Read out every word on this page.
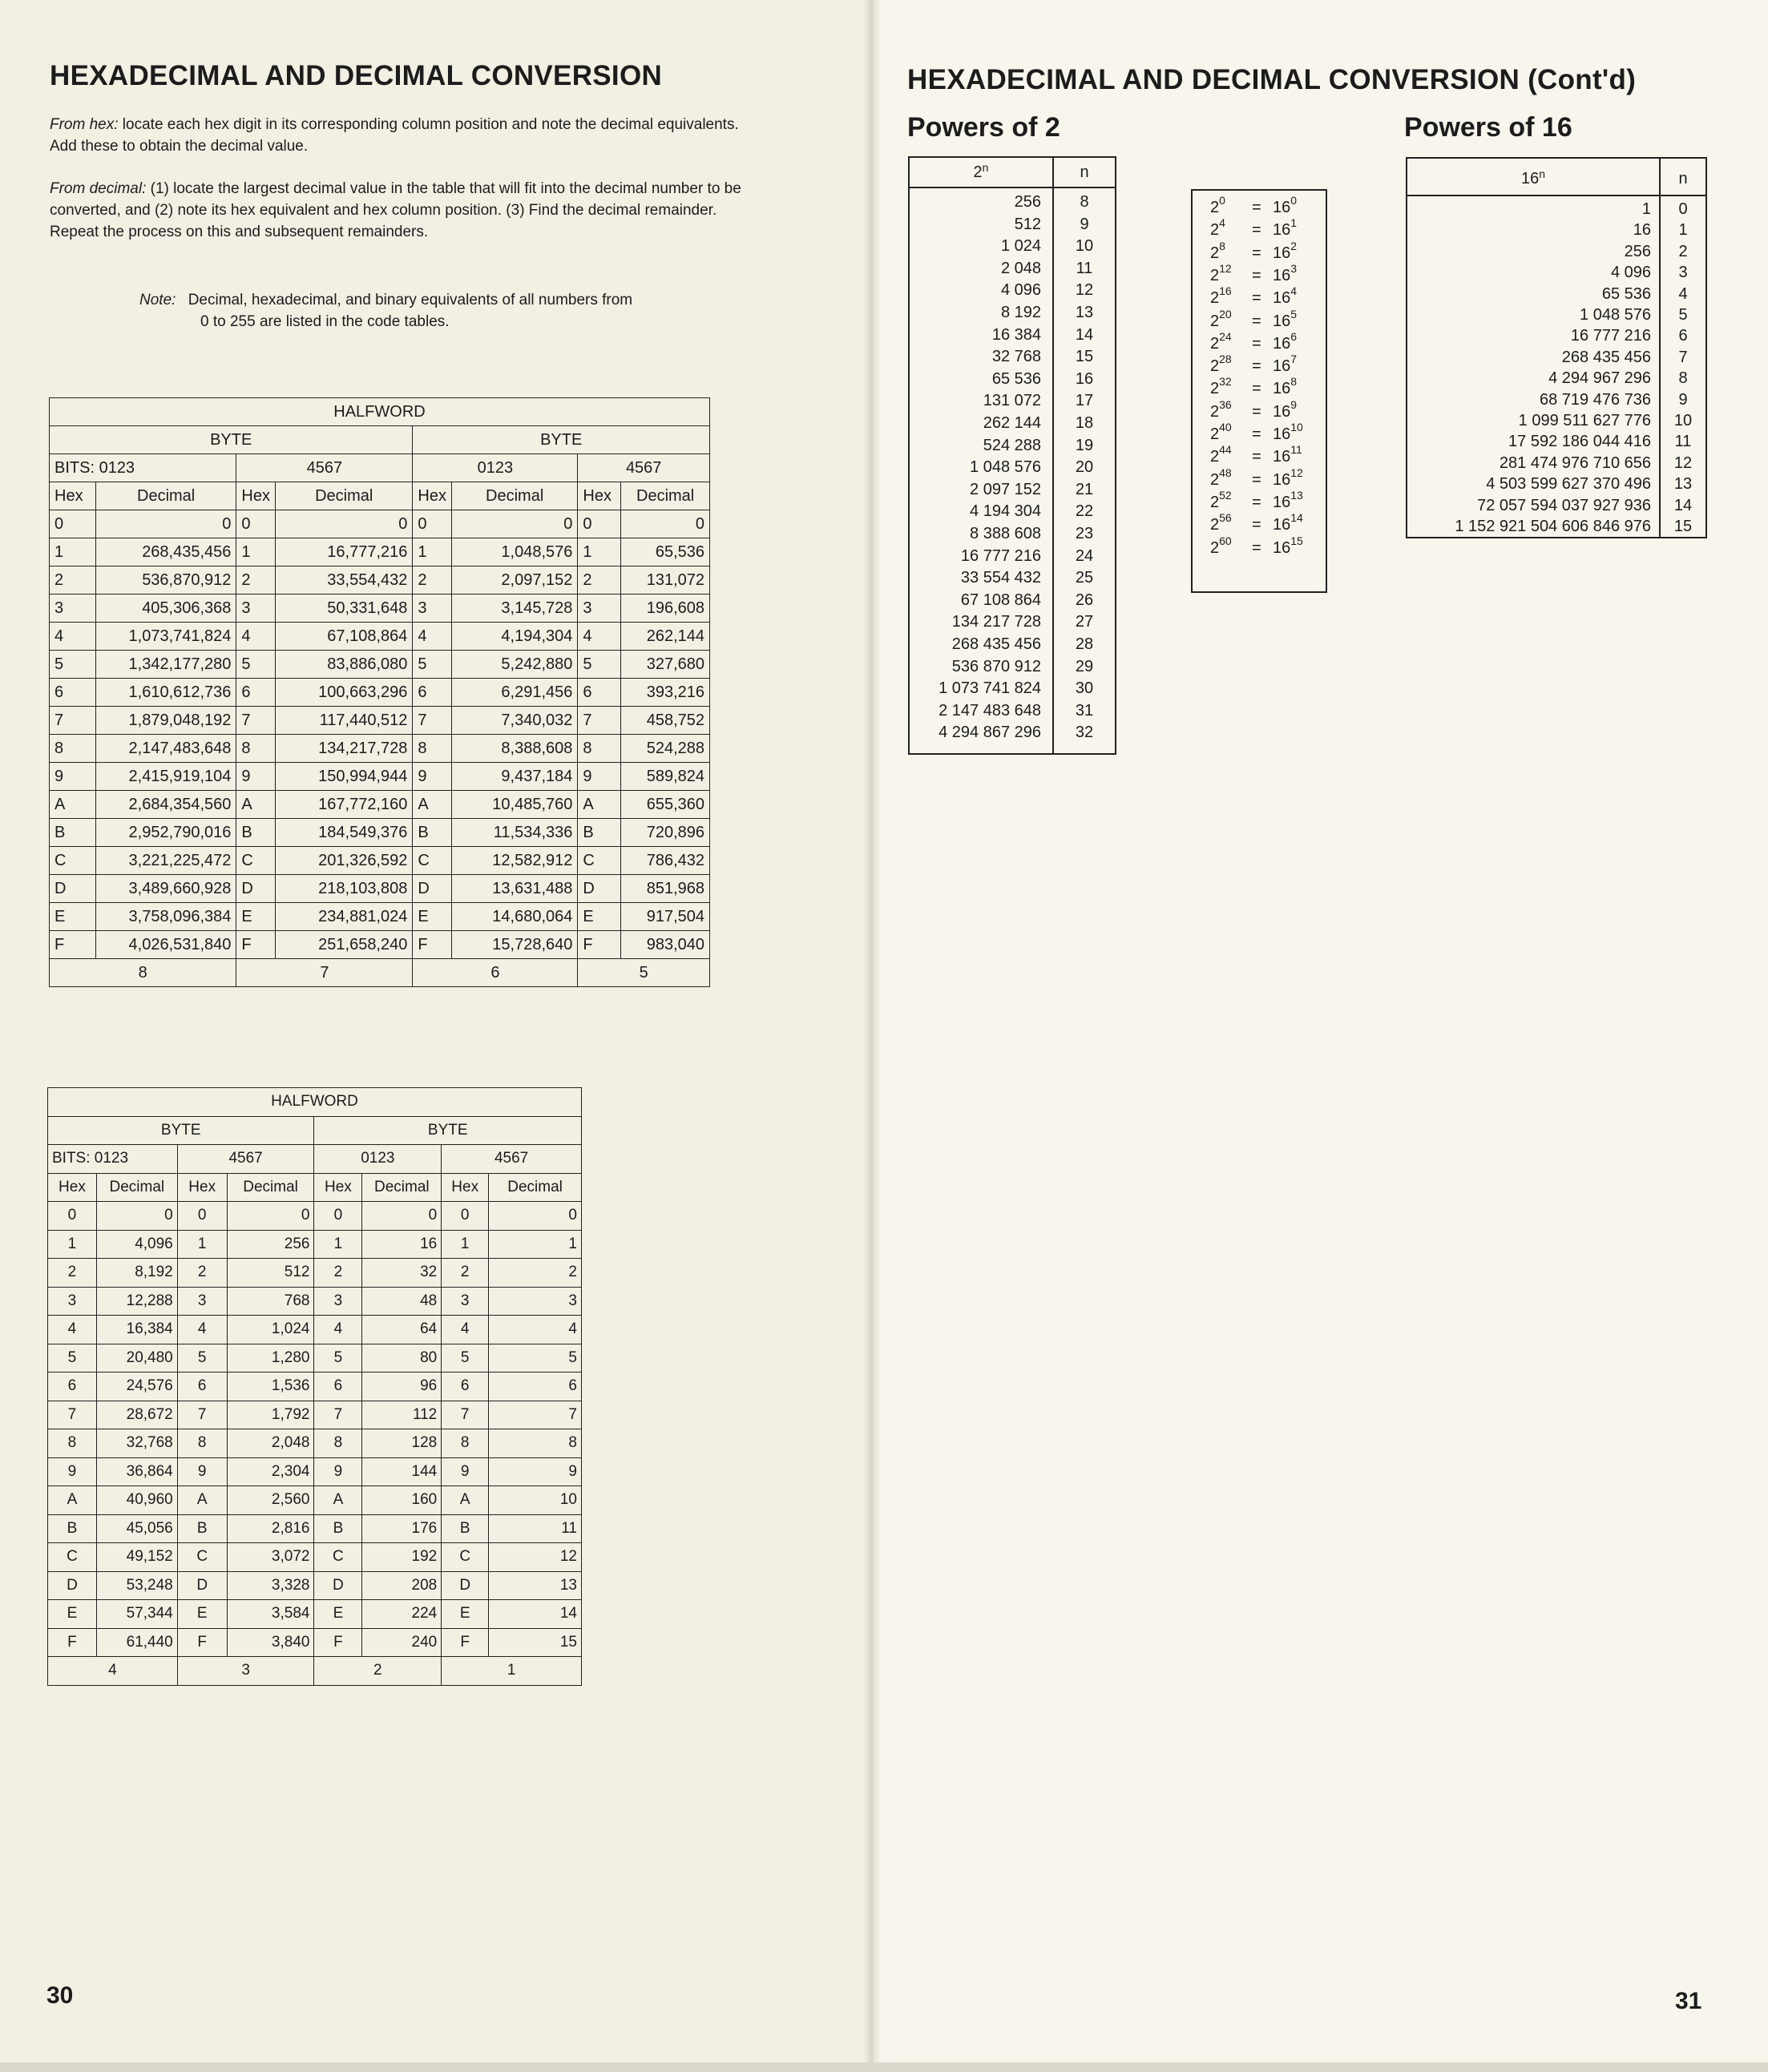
HEXADECIMAL AND DECIMAL CONVERSION

From hex: locate each hex digit in its corresponding column position and note the decimal equivalents. Add these to obtain the decimal value.

From decimal: (1) locate the largest decimal value in the table that will fit into the decimal number to be converted, and (2) note its hex equivalent and hex column position. (3) Find the decimal remainder. Repeat the process on this and subsequent remainders.

Note: Decimal, hexadecimal, and binary equivalents of all numbers from
0 to 255 are listed in the code tables.
HALFWORD							
BYTE				BYTE			
BITS: 0123		4567		0123		4567	
Hex	Decimal	Hex	Decimal	Hex	Decimal	Hex	Decimal
0	0	0	0	0	0	0	0
1	268,435,456	1	16,777,216	1	1,048,576	1	65,536
2	536,870,912	2	33,554,432	2	2,097,152	2	131,072
3	405,306,368	3	50,331,648	3	3,145,728	3	196,608
4	1,073,741,824	4	67,108,864	4	4,194,304	4	262,144
5	1,342,177,280	5	83,886,080	5	5,242,880	5	327,680
6	1,610,612,736	6	100,663,296	6	6,291,456	6	393,216
7	1,879,048,192	7	117,440,512	7	7,340,032	7	458,752
8	2,147,483,648	8	134,217,728	8	8,388,608	8	524,288
9	2,415,919,104	9	150,994,944	9	9,437,184	9	589,824
A	2,684,354,560	A	167,772,160	A	10,485,760	A	655,360
B	2,952,790,016	B	184,549,376	B	11,534,336	B	720,896
C	3,221,225,472	C	201,326,592	C	12,582,912	C	786,432
D	3,489,660,928	D	218,103,808	D	13,631,488	D	851,968
E	3,758,096,384	E	234,881,024	E	14,680,064	E	917,504
F	4,026,531,840	F	251,658,240	F	15,728,640	F	983,040
8		7		6		5	
HALFWORD							
BYTE				BYTE			
BITS: 0123		4567		0123		4567	
Hex	Decimal	Hex	Decimal	Hex	Decimal	Hex	Decimal
0	0	0	0	0	0	0	0
1	4,096	1	256	1	16	1	1
2	8,192	2	512	2	32	2	2
3	12,288	3	768	3	48	3	3
4	16,384	4	1,024	4	64	4	4
5	20,480	5	1,280	5	80	5	5
6	24,576	6	1,536	6	96	6	6
7	28,672	7	1,792	7	112	7	7
8	32,768	8	2,048	8	128	8	8
9	36,864	9	2,304	9	144	9	9
A	40,960	A	2,560	A	160	A	10
B	45,056	B	2,816	B	176	B	11
C	49,152	C	3,072	C	192	C	12
D	53,248	D	3,328	D	208	D	13
E	57,344	E	3,584	E	224	E	14
F	61,440	F	3,840	F	240	F	15
4		3		2		1	
30
HEXADECIMAL AND DECIMAL CONVERSION (Cont'd)
Powers of 2	Powers of 16
2$^n$	n
256	8
512	9
1 024	10
2 048	11
4 096	12
8 192	13
16 384	14
32 768	15
65 536	16
131 072	17
262 144	18
524 288	19
1 048 576	20
2 097 152	21
4 194 304	22
8 388 608	23
16 777 216	24
33 554 432	25
67 108 864	26
134 217 728	27
268 435 456	28
536 870 912	29
1 073 741 824	30
2 147 483 648	31
4 294 867 296	32
$2^0 = 16^0$
$2^4 = 16^1$
$2^8 = 16^2$
$2^{12} = 16^3$
$2^{16} = 16^4$
$2^{20} = 16^5$
$2^{24} = 16^6$
$2^{28} = 16^7$
$2^{32} = 16^8$
$2^{36} = 16^9$
$2^{40} = 16^{10}$
$2^{44} = 16^{11}$
$2^{48} = 16^{12}$
$2^{52} = 16^{13}$
$2^{56} = 16^{14}$
$2^{60} = 16^{15}$
16$^n$	n
1	0
16	1
256	2
4 096	3
65 536	4
1 048 576	5
16 777 216	6
268 435 456	7
4 294 967 296	8
68 719 476 736	9
1 099 511 627 776	10
17 592 186 044 416	11
281 474 976 710 656	12
4 503 599 627 370 496	13
72 057 594 037 927 936	14
1 152 921 504 606 846 976	15
31
